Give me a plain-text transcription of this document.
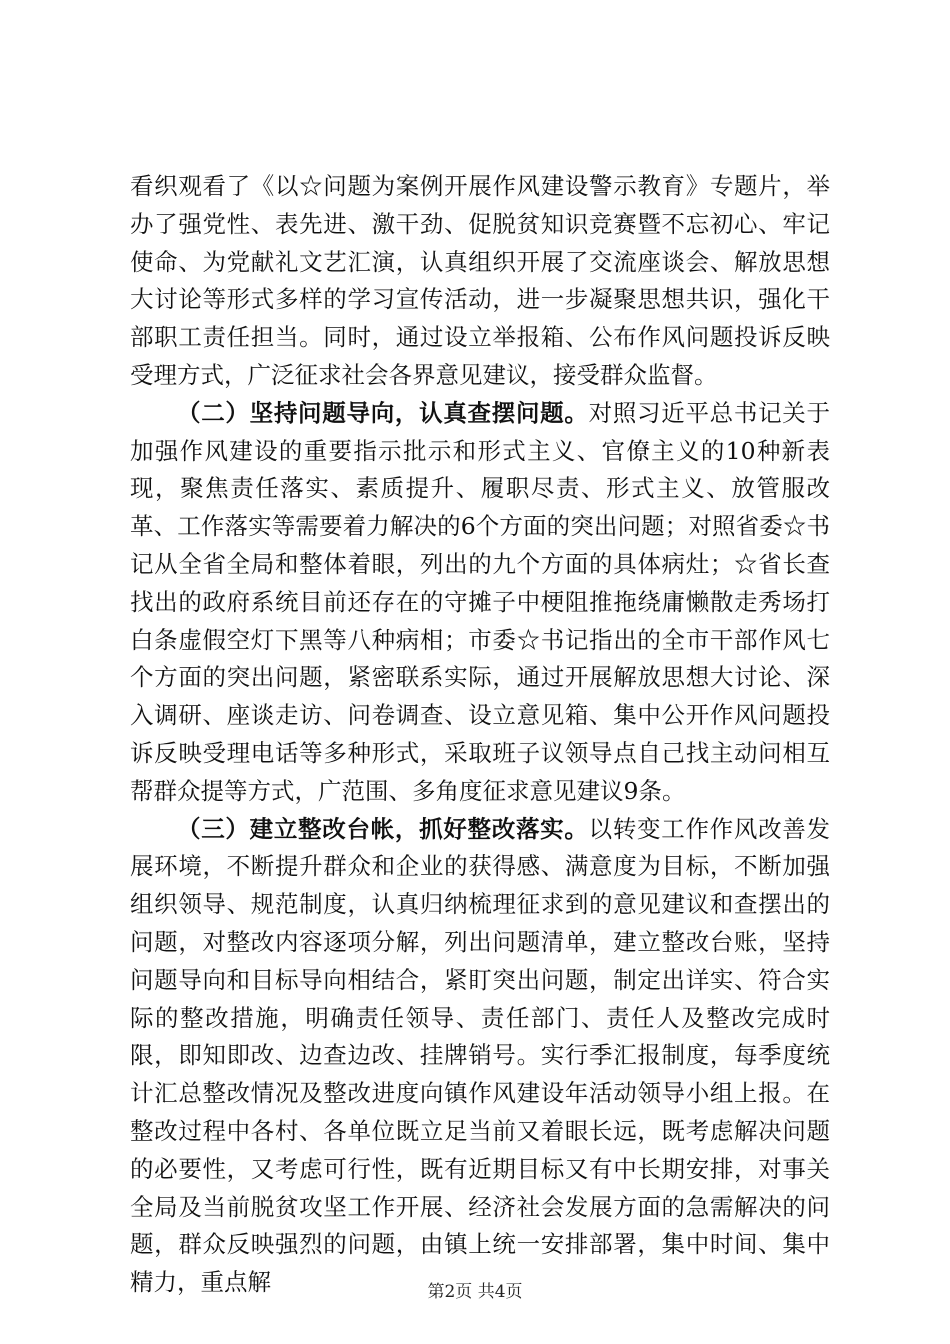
看织观看了《以☆问题为案例开展作风建设警示教育》专题片，举办了强党性、表先进、激干劲、促脱贫知识竞赛暨不忘初心、牢记使命、为党献礼文艺汇演，认真组织开展了交流座谈会、解放思想大讨论等形式多样的学习宣传活动，进一步凝聚思想共识，强化干部职工责任担当。同时，通过设立举报箱、公布作风问题投诉反映受理方式，广泛征求社会各界意见建议，接受群众监督。

（二）坚持问题导向，认真查摆问题。对照习近平总书记关于加强作风建设的重要指示批示和形式主义、官僚主义的10种新表现，聚焦责任落实、素质提升、履职尽责、形式主义、放管服改革、工作落实等需要着力解决的6个方面的突出问题；对照省委☆书记从全省全局和整体着眼，列出的九个方面的具体病灶；☆省长查找出的政府系统目前还存在的守摊子中梗阻推拖绕庸懒散走秀场打白条虚假空灯下黑等八种病相；市委☆书记指出的全市干部作风七个方面的突出问题，紧密联系实际，通过开展解放思想大讨论、深入调研、座谈走访、问卷调查、设立意见箱、集中公开作风问题投诉反映受理电话等多种形式，采取班子议领导点自己找主动问相互帮群众提等方式，广范围、多角度征求意见建议9条。

（三）建立整改台帐，抓好整改落实。以转变工作作风改善发展环境，不断提升群众和企业的获得感、满意度为目标，不断加强组织领导、规范制度，认真归纳梳理征求到的意见建议和查摆出的问题，对整改内容逐项分解，列出问题清单，建立整改台账，坚持问题导向和目标导向相结合，紧盯突出问题，制定出详实、符合实际的整改措施，明确责任领导、责任部门、责任人及整改完成时限，即知即改、边查边改、挂牌销号。实行季汇报制度，每季度统计汇总整改情况及整改进度向镇作风建设年活动领导小组上报。在整改过程中各村、各单位既立足当前又着眼长远，既考虑解决问题的必要性，又考虑可行性，既有近期目标又有中长期安排，对事关全局及当前脱贫攻坚工作开展、经济社会发展方面的急需解决的问题，群众反映强烈的问题，由镇上统一安排部署，集中时间、集中精力，重点解	第2页 共4页
